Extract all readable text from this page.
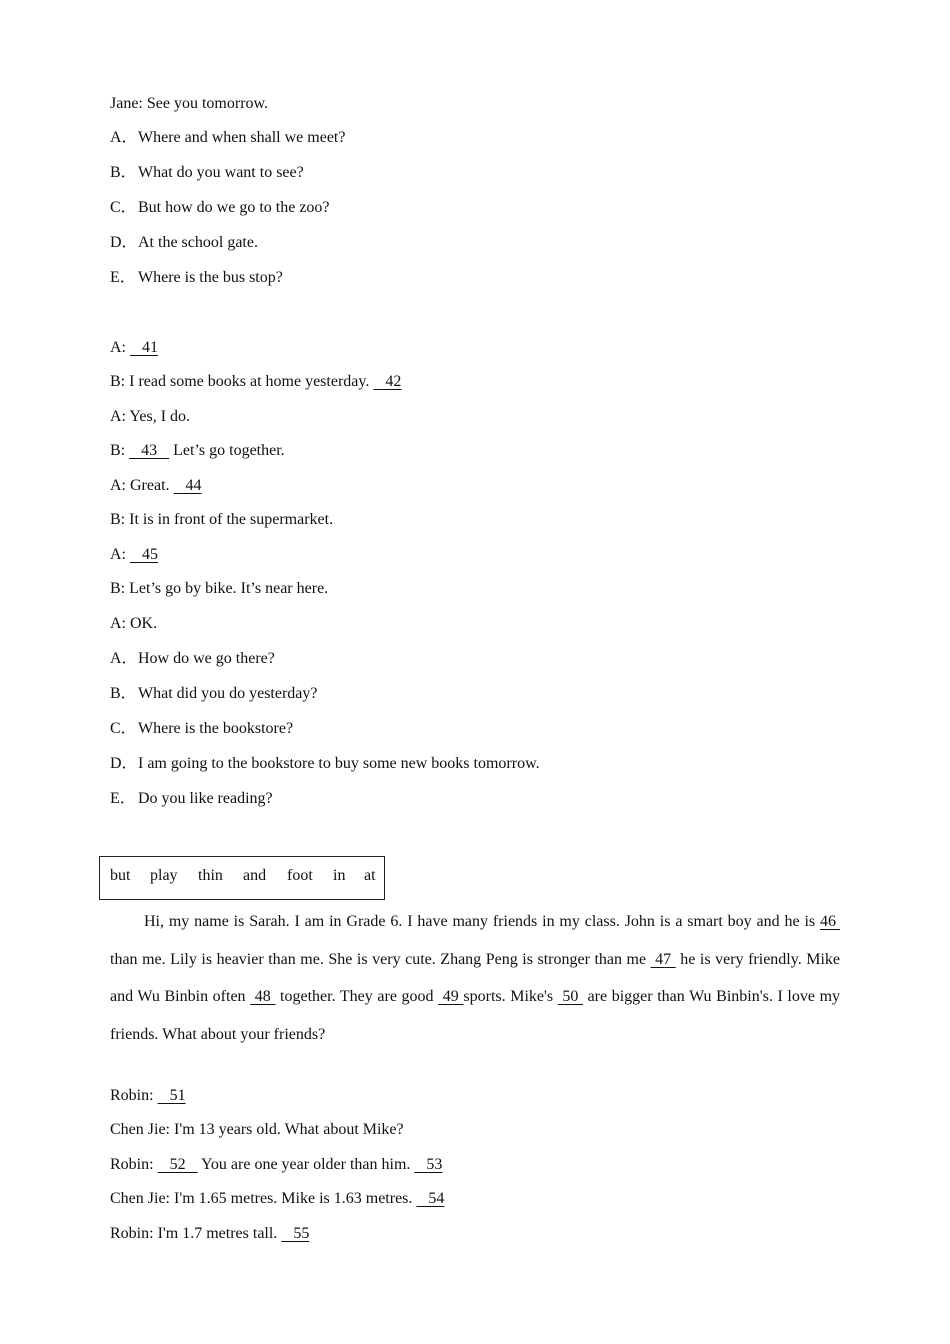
Jane: See you tomorrow.
A．Where and when shall we meet?
B．What do you want to see?
C．But how do we go to the zoo?
D．At the school gate.
E． Where is the bus stop?
A:    41
B: I read some books at home yesterday.    42
A: Yes, I do.
B:    43    Let’s go together.
A: Great.    44
B: It is in front of the supermarket.
A:    45
B: Let’s go by bike. It’s near here.
A: OK.
A．How do we go there?
B．What did you do yesterday?
C．Where is the bookstore?
D．I am going to the bookstore to buy some new books tomorrow.
E． Do you like reading?
but play thin and foot in at
Hi, my name is Sarah. I am in Grade 6. I have many friends in my class. John is a smart boy and he is 46  than me. Lily is heavier than me. She is very cute. Zhang Peng is stronger than me  47  he is very friendly. Mike and Wu Binbin often  48  together. They are good  49 sports. Mike's  50  are bigger than Wu Binbin's. I love my friends. What about your friends?
Robin:    51
Chen Jie: I'm 13 years old. What about Mike?
Robin:    52    You are one year older than him.    53
Chen Jie: I'm 1.65 metres. Mike is 1.63 metres.    54
Robin: I'm 1.7 metres tall.    55
